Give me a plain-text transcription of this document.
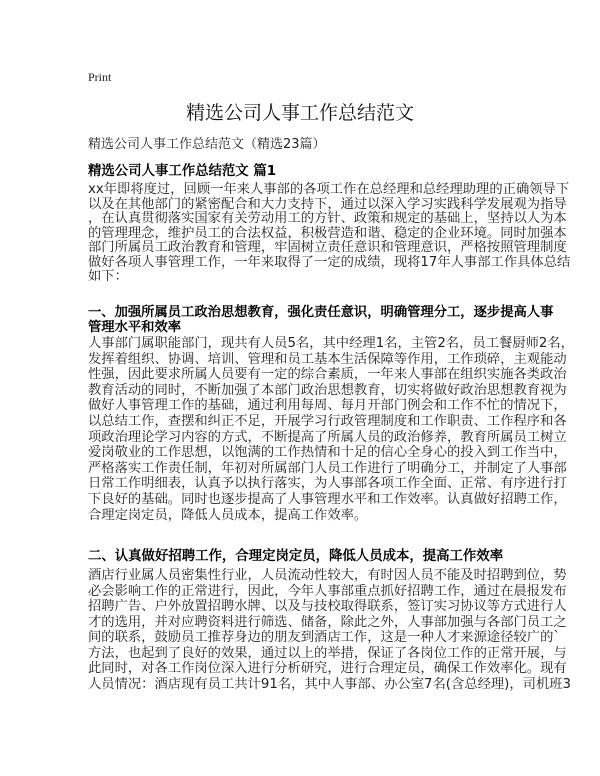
Print
精选公司人事工作总结范文
精选公司人事工作总结范文（精选23篇）
精选公司人事工作总结范文 篇1
xx年即将度过，回顾一年来人事部的各项工作在总经理和总经理助理的正确领导下
以及在其他部门的紧密配合和大力支持下，通过以深入学习实践科学发展观为指导
，在认真贯彻落实国家有关劳动用工的方针、政策和规定的基础上，坚持以人为本
的管理理念，维护员工的合法权益，积极营造和谐、稳定的企业环境。同时加强本
部门所属员工政治教育和管理，牢固树立责任意识和管理意识，严格按照管理制度
做好各项人事管理工作，一年来取得了一定的成绩，现将17年人事部工作具体总结
如下：
一、加强所属员工政治思想教育，强化责任意识，明确管理分工，逐步提高人事
管理水平和效率
人事部门属职能部门，现共有人员5名，其中经理1名，主管2名，员工餐厨师2名，
发挥着组织、协调、培训、管理和员工基本生活保障等作用，工作琐碎，主观能动
性强，因此要求所属人员要有一定的综合素质，一年来人事部在组织实施各类政治
教育活动的同时，不断加强了本部门政治思想教育，切实将做好政治思想教育视为
做好人事管理工作的基础，通过利用每周、每月开部门例会和工作不忙的情况下，
以总结工作，查摆和纠正不足，开展学习行政管理制度和工作职责、工作程序和各
项政治理论学习内容的方式，不断提高了所属人员的政治修养，教育所属员工树立
爱岗敬业的工作思想，以饱满的工作热情和十足的信心全身心的投入到工作当中，
严格落实工作责任制，年初对所属部门人员工作进行了明确分工，并制定了人事部
日常工作明细表，认真予以执行落实，为人事部各项工作全面、正常、有序进行打
下良好的基础。同时也逐步提高了人事管理水平和工作效率。认真做好招聘工作，
合理定岗定员，降低人员成本，提高工作效率。
二、认真做好招聘工作，合理定岗定员，降低人员成本，提高工作效率
酒店行业属人员密集性行业，人员流动性较大，有时因人员不能及时招聘到位，势
必会影响工作的正常进行，因此，今年人事部重点抓好招聘工作，通过在晨报发布
招聘广告、户外放置招聘水牌、以及与技校取得联系，签订实习协议等方式进行人
才的选用，并对应聘资料进行筛选、储备，除此之外，人事部加强与各部门员工之
间的联系，鼓励员工推荐身边的朋友到酒店工作，这是一种人才来源途径较广的`
方法，也起到了良好的效果，通过以上的举措，保证了各岗位工作的正常开展，与
此同时，对各工作岗位深入进行分析研究，进行合理定员，确保工作效率化。现有
人员情况：酒店现有员工共计91名，其中人事部、办公室7名(含总经理)，司机班3
